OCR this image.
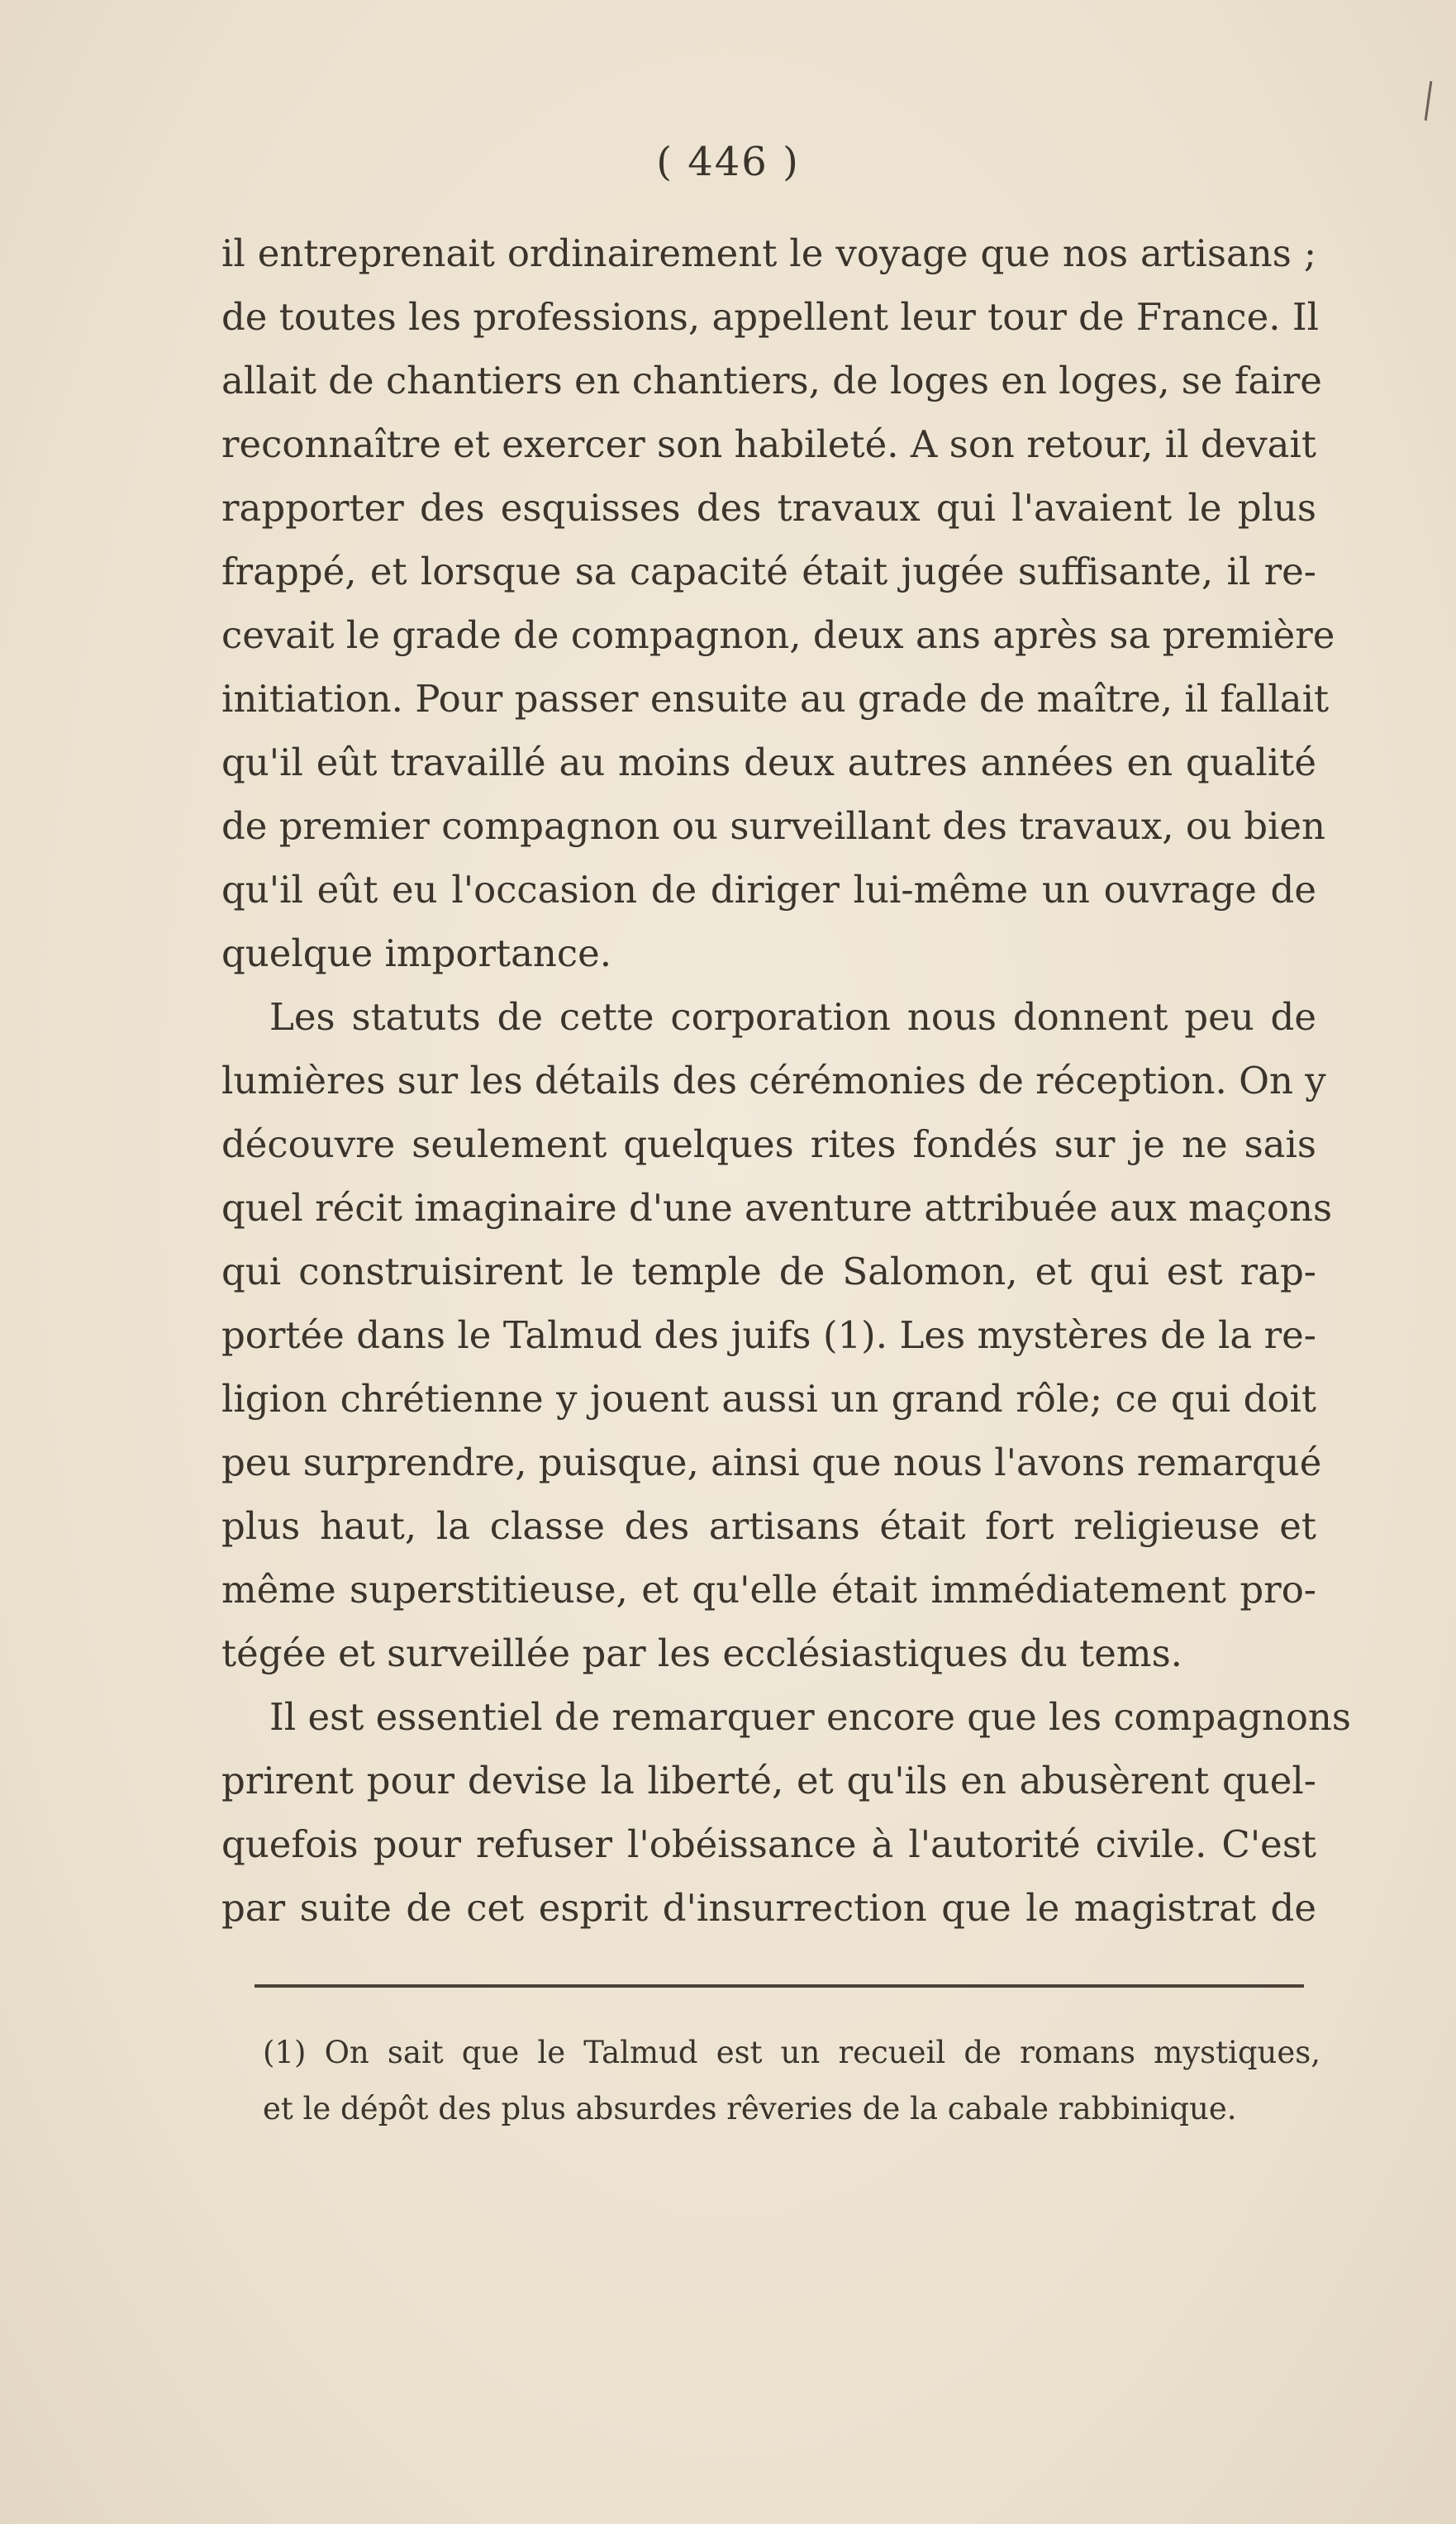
( 446 )
il entreprenait ordinairement le voyage que nos artisans ;
de toutes les professions, appellent leur tour de France. Il
allait de chantiers en chantiers, de loges en loges, se faire
reconnaître et exercer son habileté. A son retour, il devait
rapporter des esquisses des travaux qui l'avaient le plus
frappé, et lorsque sa capacité était jugée suffisante, il re-
cevait le grade de compagnon, deux ans après sa première
initiation. Pour passer ensuite au grade de maître, il fallait
qu'il eût travaillé au moins deux autres années en qualité
de premier compagnon ou surveillant des travaux, ou bien
qu'il eût eu l'occasion de diriger lui-même un ouvrage de
quelque importance.
Les statuts de cette corporation nous donnent peu de
lumières sur les détails des cérémonies de réception. On y
découvre seulement quelques rites fondés sur je ne sais
quel récit imaginaire d'une aventure attribuée aux maçons
qui construisirent le temple de Salomon, et qui est rap-
portée dans le Talmud des juifs (1). Les mystères de la re-
ligion chrétienne y jouent aussi un grand rôle; ce qui doit
peu surprendre, puisque, ainsi que nous l'avons remarqué
plus haut, la classe des artisans était fort religieuse et
même superstitieuse, et qu'elle était immédiatement pro-
tégée et surveillée par les ecclésiastiques du tems.
Il est essentiel de remarquer encore que les compagnons
prirent pour devise la liberté, et qu'ils en abusèrent quel-
quefois pour refuser l'obéissance à l'autorité civile. C'est
par suite de cet esprit d'insurrection que le magistrat de
(1) On sait que le Talmud est un recueil de romans mystiques,
et le dépôt des plus absurdes rêveries de la cabale rabbinique.
